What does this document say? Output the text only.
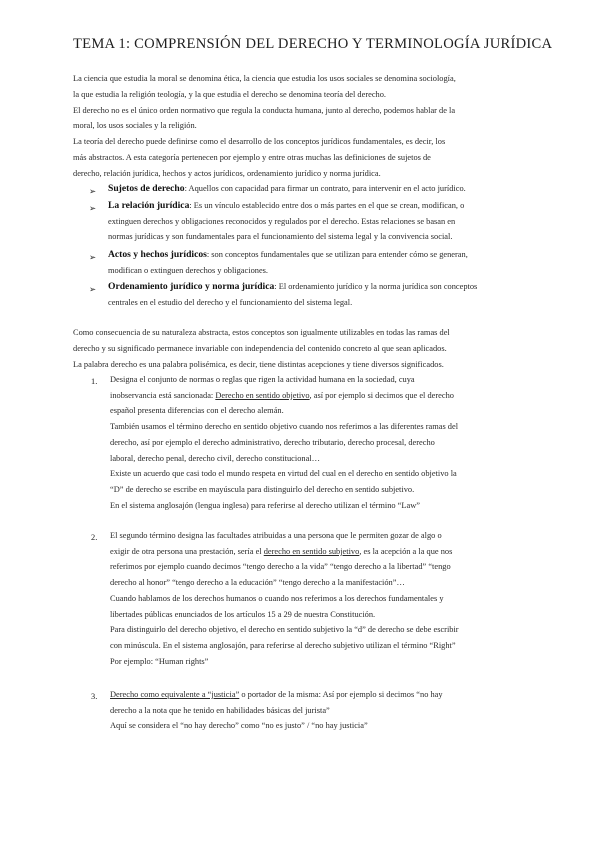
TEMA 1: COMPRENSIÓN DEL DERECHO Y TERMINOLOGÍA JURÍDICA
La ciencia que estudia la moral se denomina ética, la ciencia que estudia los usos sociales se denomina sociología,
la que estudia la religión teología, y la que estudia el derecho se denomina teoría del derecho.
El derecho no es el único orden normativo que regula la conducta humana, junto al derecho, podemos hablar de la
moral, los usos sociales y la religión.
La teoría del derecho puede definirse como el desarrollo de los conceptos jurídicos fundamentales, es decir, los
más abstractos. A esta categoría pertenecen por ejemplo y entre otras muchas las definiciones de sujetos de
derecho, relación jurídica, hechos y actos jurídicos, ordenamiento jurídico y norma jurídica.
➢ Sujetos de derecho: Aquellos con capacidad para firmar un contrato, para intervenir en el acto jurídico.
➢ La relación jurídica: Es un vínculo establecido entre dos o más partes en el que se crean, modifican, o
extinguen derechos y obligaciones reconocidos y regulados por el derecho. Estas relaciones se basan en
normas jurídicas y son fundamentales para el funcionamiento del sistema legal y la convivencia social.
➢ Actos y hechos jurídicos: son conceptos fundamentales que se utilizan para entender cómo se generan,
modifican o extinguen derechos y obligaciones.
➢ Ordenamiento jurídico y norma jurídica: El ordenamiento jurídico y la norma jurídica son conceptos
centrales en el estudio del derecho y el funcionamiento del sistema legal.
Como consecuencia de su naturaleza abstracta, estos conceptos son igualmente utilizables en todas las ramas del
derecho y su significado permanece invariable con independencia del contenido concreto al que sean aplicados.
La palabra derecho es una palabra polisémica, es decir, tiene distintas acepciones y tiene diversos significados.
1. Designa el conjunto de normas o reglas que rigen la actividad humana en la sociedad, cuya
inobservancia está sancionada: Derecho en sentido objetivo, así por ejemplo si decimos que el derecho
español presenta diferencias con el derecho alemán.
También usamos el término derecho en sentido objetivo cuando nos referimos a las diferentes ramas del
derecho, así por ejemplo el derecho administrativo, derecho tributario, derecho procesal, derecho
laboral, derecho penal, derecho civil, derecho constitucional…
Existe un acuerdo que casi todo el mundo respeta en virtud del cual en el derecho en sentido objetivo la
“D” de derecho se escribe en mayúscula para distinguirlo del derecho en sentido subjetivo.
En el sistema anglosajón (lengua inglesa) para referirse al derecho utilizan el término “Law”
2. El segundo término designa las facultades atribuidas a una persona que le permiten gozar de algo o
exigir de otra persona una prestación, sería el derecho en sentido subjetivo, es la acepción a la que nos
referimos por ejemplo cuando decimos “tengo derecho a la vida” “tengo derecho a la libertad” “tengo
derecho al honor” “tengo derecho a la educación” “tengo derecho a la manifestación”…
Cuando hablamos de los derechos humanos o cuando nos referimos a los derechos fundamentales y
libertades públicas enunciados de los artículos 15 a 29 de nuestra Constitución.
Para distinguirlo del derecho objetivo, el derecho en sentido subjetivo la “d” de derecho se debe escribir
con minúscula. En el sistema anglosajón, para referirse al derecho subjetivo utilizan el término “Right”
Por ejemplo: “Human rights”
3. Derecho como equivalente a “justicia” o portador de la misma: Así por ejemplo si decimos “no hay
derecho a la nota que he tenido en habilidades básicas del jurista”
Aquí se considera el “no hay derecho” como “no es justo” / “no hay justicia”
